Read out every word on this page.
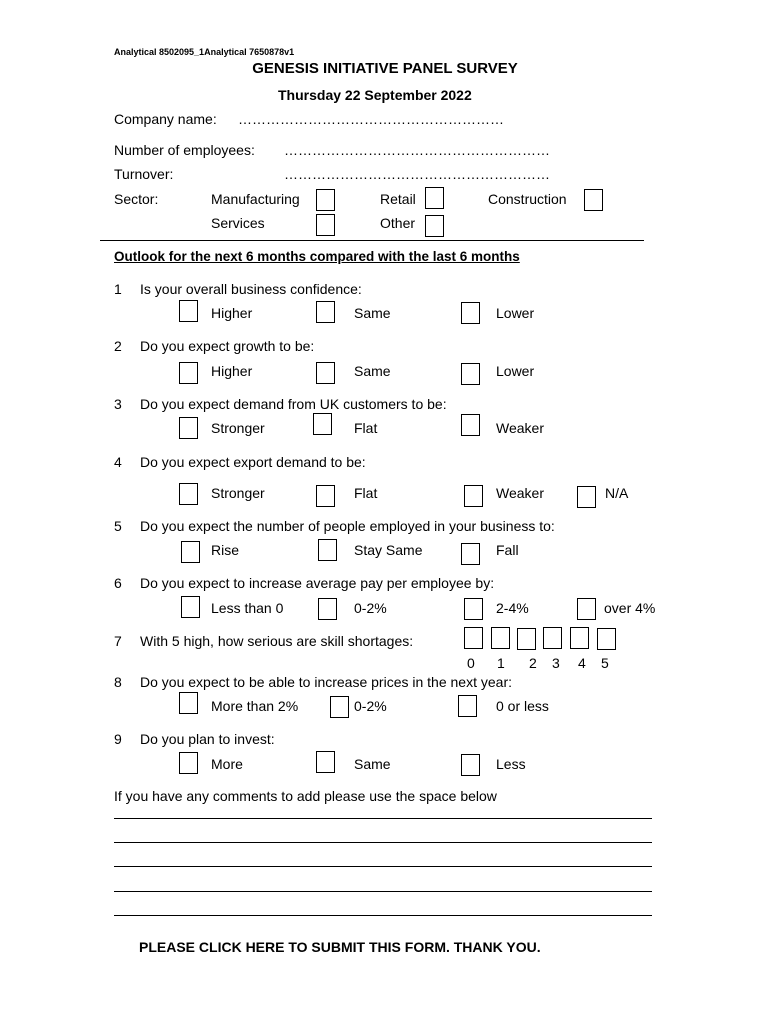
Analytical 8502095_1Analytical 7650878v1
GENESIS INITIATIVE PANEL SURVEY
Thursday 22 September 2022
Company name: …………………………………………………
Number of employees: …………………………………………………
Turnover:	…………………………………………………
Sector:	Manufacturing	Retail	Construction
Services	Other
Outlook for the next 6 months compared with the last 6 months
1 Is your overall business confidence:
Higher	Same	Lower
2 Do you expect growth to be:
Higher	Same	Lower
3 Do you expect demand from UK customers to be:
Stronger	Flat	Weaker
4 Do you expect export demand to be:
Stronger	Flat	Weaker	N/A
5 Do you expect the number of people employed in your business to:
Rise	Stay Same	Fall
6 Do you expect to increase average pay per employee by:
Less than 0	0-2%	2-4%	over 4%
7 With 5 high, how serious are skill shortages:
0 1 2 3 4 5
8 Do you expect to be able to increase prices in the next year:
More than 2%	0-2%	0 or less
9 Do you plan to invest:
More	Same	Less
If you have any comments to add please use the space below
PLEASE CLICK HERE TO SUBMIT THIS FORM. THANK YOU.
